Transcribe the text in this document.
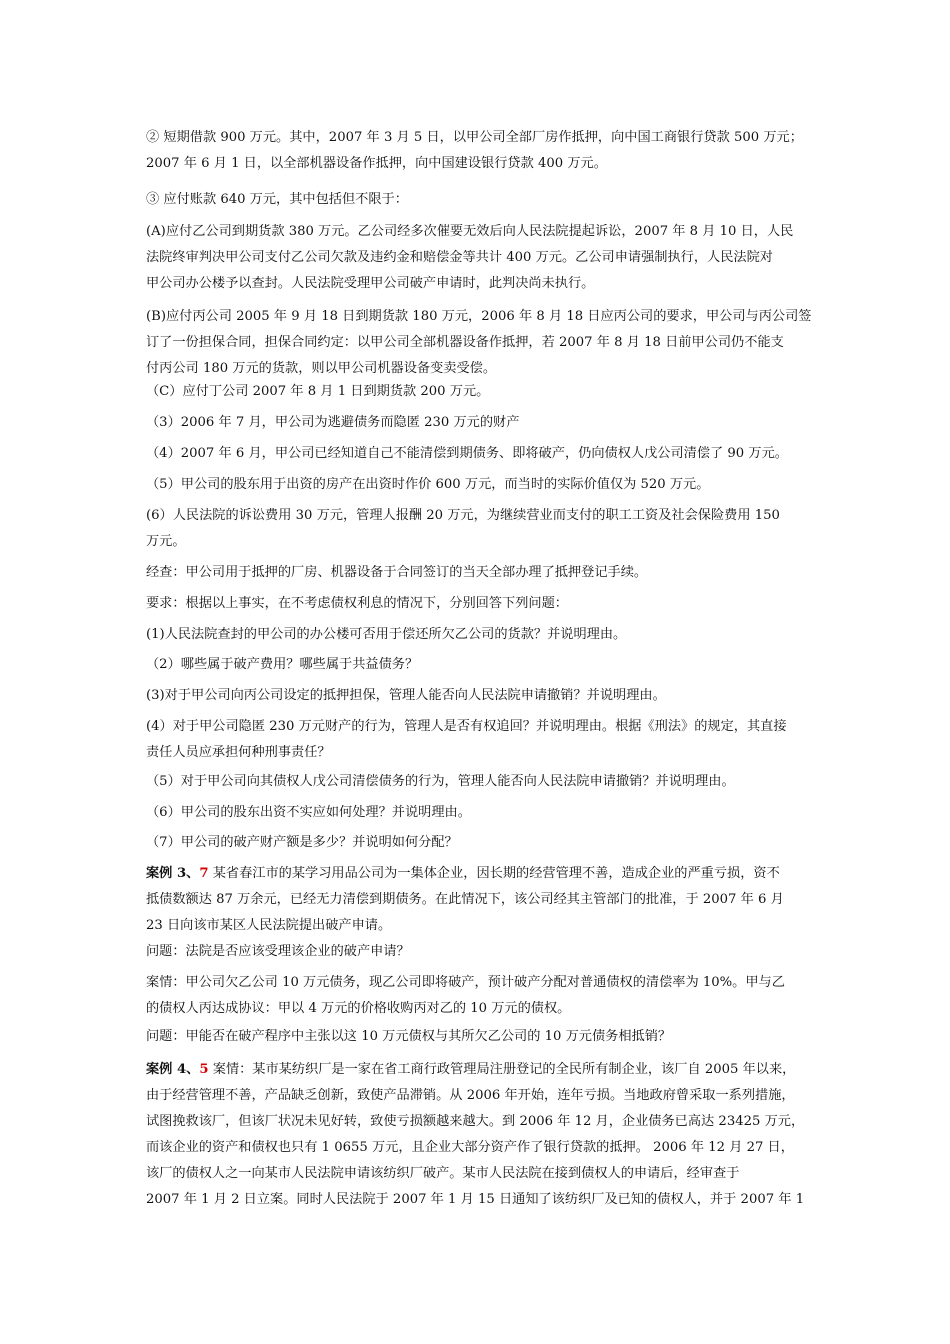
② 短期借款 900 万元。其中，2007 年 3 月 5 日，以甲公司全部厂房作抵押，向中国工商银行贷款 500 万元；
2007 年 6 月 1 日，以全部机器设备作抵押，向中国建设银行贷款 400 万元。
③ 应付账款 640 万元，其中包括但不限于：
(A)应付乙公司到期货款 380 万元。乙公司经多次催要无效后向人民法院提起诉讼，2007 年 8 月 10 日，人民
法院终审判决甲公司支付乙公司欠款及违约金和赔偿金等共计 400 万元。乙公司申请强制执行，人民法院对
甲公司办公楼予以查封。人民法院受理甲公司破产申请时，此判决尚未执行。
(B)应付丙公司 2005 年 9 月 18 日到期货款 180 万元，2006 年 8 月 18 日应丙公司的要求，甲公司与丙公司签
订了一份担保合同，担保合同约定：以甲公司全部机器设备作抵押，若 2007 年 8 月 18 日前甲公司仍不能支
付丙公司 180 万元的货款，则以甲公司机器设备变卖受偿。
（C）应付丁公司 2007 年 8 月 1 日到期货款 200 万元。
（3）2006 年 7 月，甲公司为逃避债务而隐匿 230 万元的财产
（4）2007 年 6 月，甲公司已经知道自己不能清偿到期债务、即将破产，仍向债权人戊公司清偿了 90 万元。
（5）甲公司的股东用于出资的房产在出资时作价 600 万元，而当时的实际价值仅为 520 万元。
(6）人民法院的诉讼费用 30 万元，管理人报酬 20 万元，为继续营业而支付的职工工资及社会保险费用 150
万元。
经查：甲公司用于抵押的厂房、机器设备于合同签订的当天全部办理了抵押登记手续。
要求：根据以上事实，在不考虑债权利息的情况下，分别回答下列问题：
(1)人民法院查封的甲公司的办公楼可否用于偿还所欠乙公司的货款？并说明理由。
（2）哪些属于破产费用？哪些属于共益债务？
(3)对于甲公司向丙公司设定的抵押担保，管理人能否向人民法院申请撤销？并说明理由。
(4）对于甲公司隐匿 230 万元财产的行为，管理人是否有权追回？并说明理由。根据《刑法》的规定，其直接
责任人员应承担何种刑事责任？
（5）对于甲公司向其债权人戊公司清偿债务的行为，管理人能否向人民法院申请撤销？并说明理由。
（6）甲公司的股东出资不实应如何处理？并说明理由。
（7）甲公司的破产财产额是多少？并说明如何分配？
案例 3、7 某省春江市的某学习用品公司为一集体企业，因长期的经营管理不善，造成企业的严重亏损，资不
抵债数额达 87 万余元，已经无力清偿到期债务。在此情况下，该公司经其主管部门的批准，于 2007 年 6 月
23 日向该市某区人民法院提出破产申请。
问题：法院是否应该受理该企业的破产申请？
案情：甲公司欠乙公司 10 万元债务，现乙公司即将破产，预计破产分配对普通债权的清偿率为 10%。甲与乙
的债权人丙达成协议：甲以 4 万元的价格收购丙对乙的 10 万元的债权。
问题：甲能否在破产程序中主张以这 10 万元债权与其所欠乙公司的 10 万元债务相抵销？
案例 4、5 案情：某市某纺织厂是一家在省工商行政管理局注册登记的全民所有制企业，该厂自 2005 年以来，
由于经营管理不善，产品缺乏创新，致使产品滞销。从 2006 年开始，连年亏损。当地政府曾采取一系列措施，
试图挽救该厂，但该厂状况未见好转，致使亏损额越来越大。到 2006 年 12 月，企业债务已高达 23425 万元，
而该企业的资产和债权也只有 1 0655 万元，且企业大部分资产作了银行贷款的抵押。 2006 年 12 月 27 日，
该厂的债权人之一向某市人民法院申请该纺织厂破产。某市人民法院在接到债权人的申请后，经审查于
2007 年 1 月 2 日立案。同时人民法院于 2007 年 1 月 15 日通知了该纺织厂及已知的债权人，并于 2007 年 1
